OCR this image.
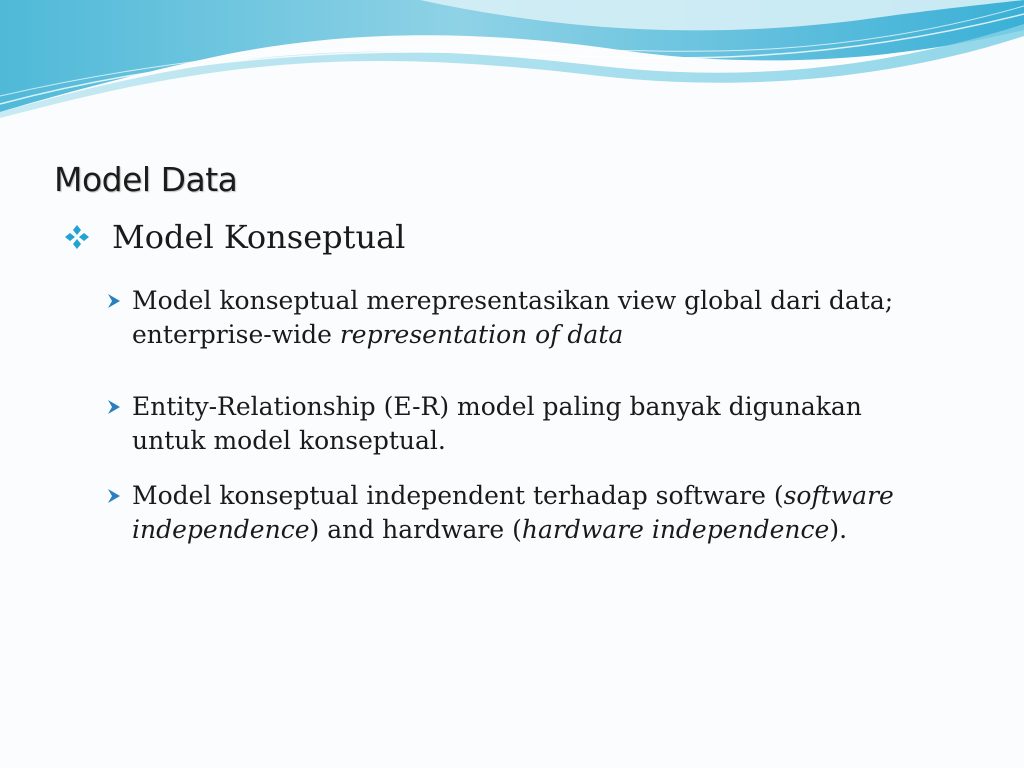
Model Data
Model Konseptual
Model konseptual merepresentasikan view global dari data;
enterprise-wide representation of data
Entity-Relationship (E-R) model paling banyak digunakan
untuk model konseptual.
Model konseptual independent terhadap software (software
independence) and hardware (hardware independence).
